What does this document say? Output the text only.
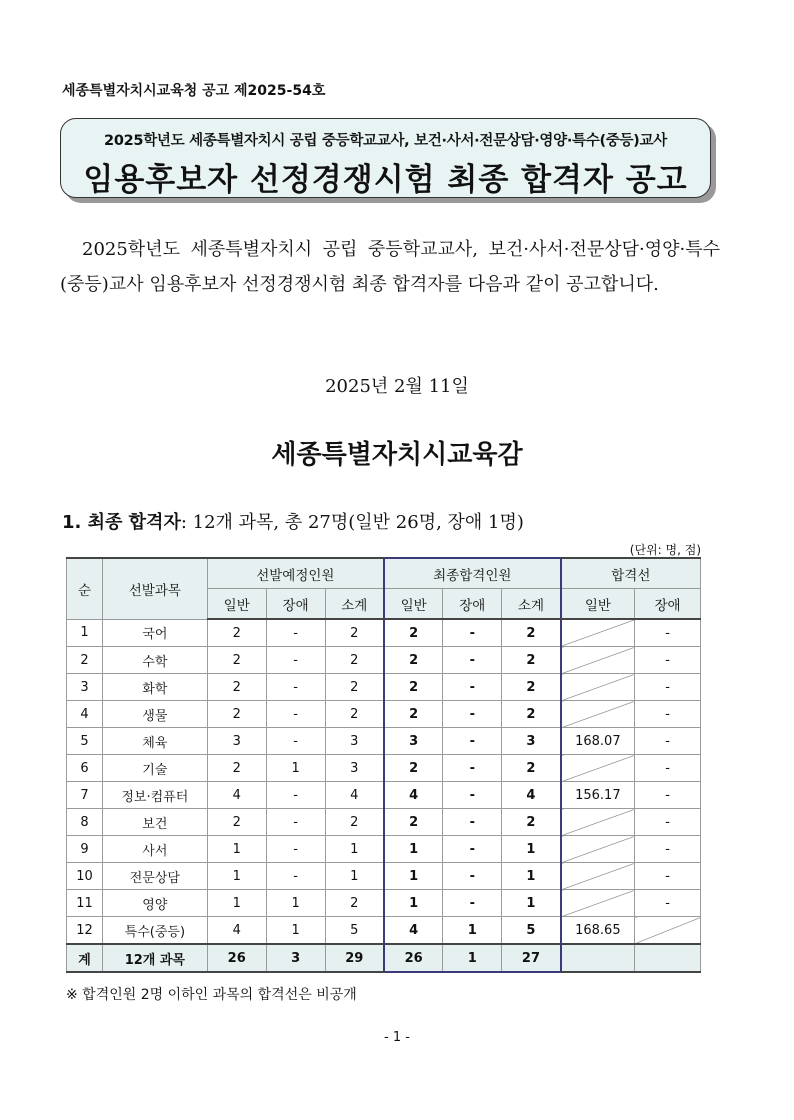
세종특별자치시교육청 공고 제2025-54호
2025학년도 세종특별자치시 공립 중등학교교사, 보건·사서·전문상담·영양·특수(중등)교사
임용후보자 선정경쟁시험 최종 합격자 공고
2025학년도 세종특별자치시 공립 중등학교교사, 보건·사서·전문상담·영양·특수(중등)교사 임용후보자 선정경쟁시험 최종 합격자를 다음과 같이 공고합니다.
2025년 2월 11일
세종특별자치시교육감
1. 최종 합격자: 12개 과목, 총 27명(일반 26명, 장애 1명)
(단위: 명, 점)
순	선발과목	선발예정인원			최종합격인원			합격선	
		일반	장애	소계	일반	장애	소계	일반	장애
1	국어	2	-	2	2	-	2		-
2	수학	2	-	2	2	-	2		-
3	화학	2	-	2	2	-	2		-
4	생물	2	-	2	2	-	2		-
5	체육	3	-	3	3	-	3	168.07	-
6	기술	2	1	3	2	-	2		-
7	정보·컴퓨터	4	-	4	4	-	4	156.17	-
8	보건	2	-	2	2	-	2		-
9	사서	1	-	1	1	-	1		-
10	전문상담	1	-	1	1	-	1		-
11	영양	1	1	2	1	-	1		-
12	특수(중등)	4	1	5	4	1	5	168.65	
계	12개 과목	26	3	29	26	1	27		
※ 합격인원 2명 이하인 과목의 합격선은 비공개
- 1 -
